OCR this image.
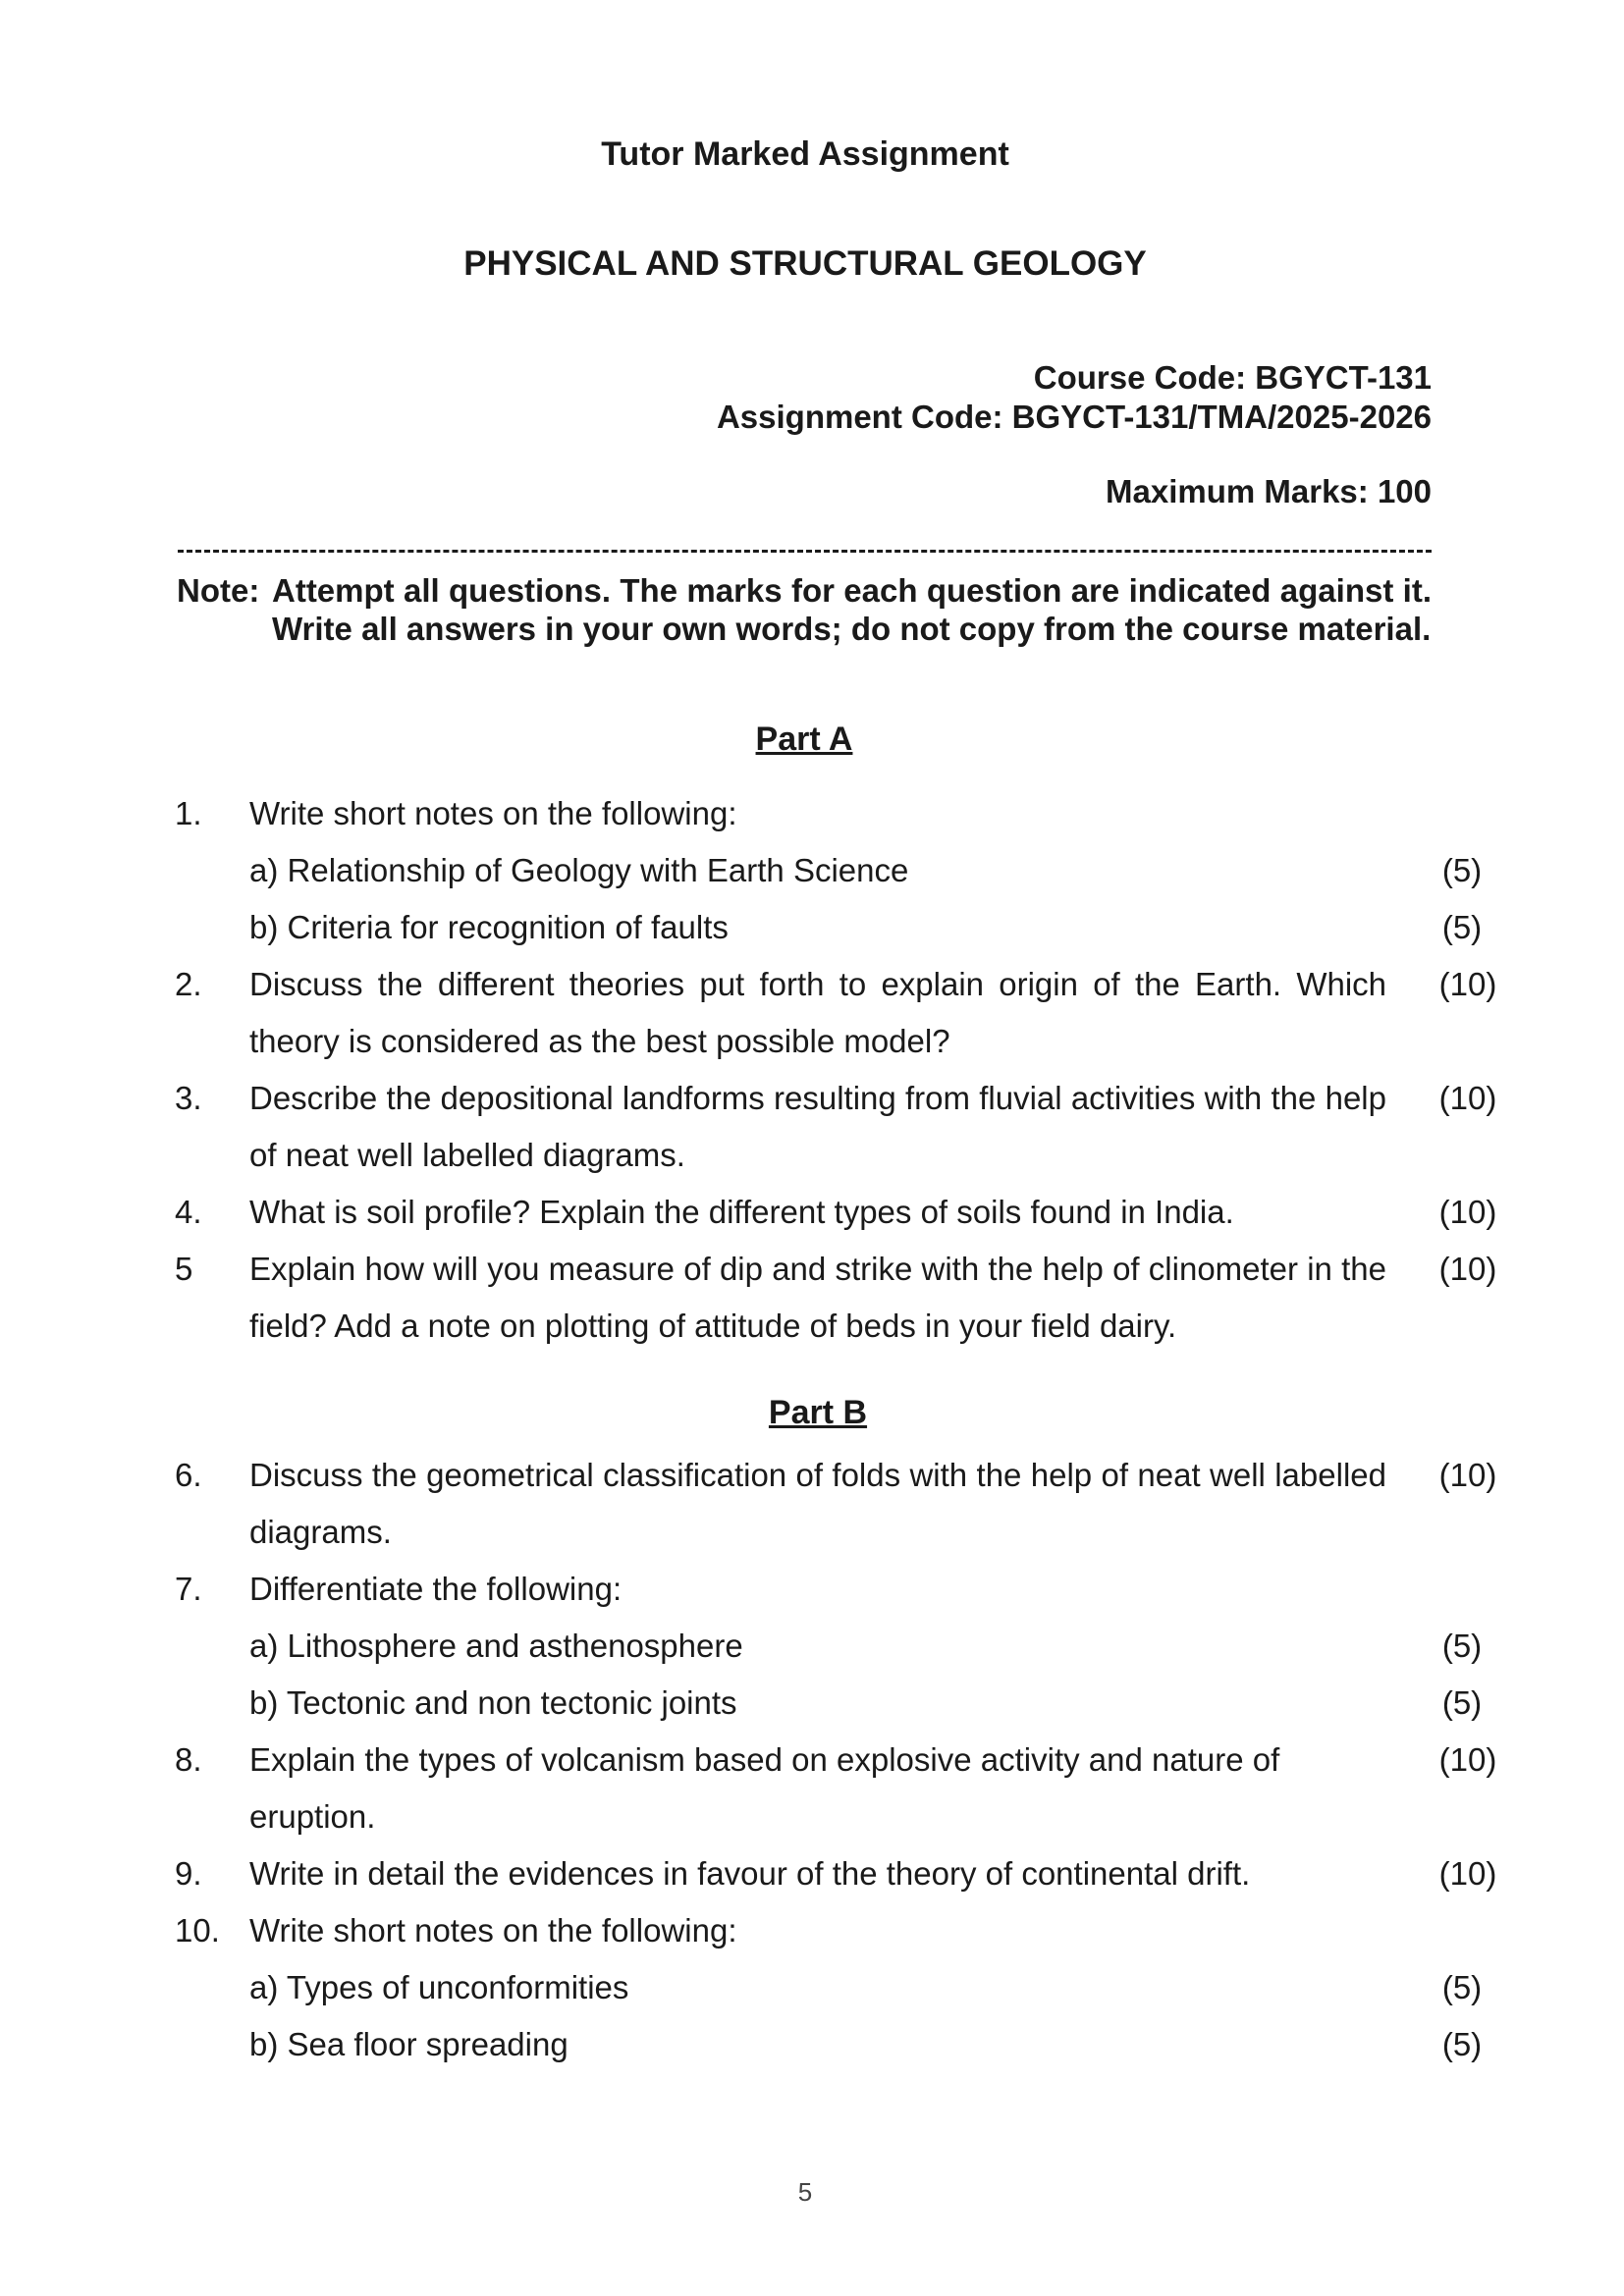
Tutor Marked Assignment
PHYSICAL AND STRUCTURAL GEOLOGY
Course Code: BGYCT-131
Assignment Code: BGYCT-131/TMA/2025-2026
Maximum Marks: 100
Note: Attempt all questions. The marks for each question are indicated against it. Write all answers in your own words; do not copy from the course material.
Part A
1. Write short notes on the following:
a) Relationship of Geology with Earth Science	(5)
b) Criteria for recognition of faults	(5)
2. Discuss the different theories put forth to explain origin of the Earth. Which theory is considered as the best possible model?
(10)
3. Describe the depositional landforms resulting from fluvial activities with the help of neat well labelled diagrams.
(10)
4. What is soil profile? Explain the different types of soils found in India.	(10)
5 Explain how will you measure of dip and strike with the help of clinometer in the field? Add a note on plotting of attitude of beds in your field dairy.
(10)
Part B
6. Discuss the geometrical classification of folds with the help of neat well labelled diagrams.
(10)
7. Differentiate the following:
a) Lithosphere and asthenosphere	(5)
b) Tectonic and non tectonic joints	(5)
8. Explain the types of volcanism based on explosive activity and nature of eruption.
(10)
9. Write in detail the evidences in favour of the theory of continental drift.	(10)
10. Write short notes on the following:
a) Types of unconformities	(5)
b) Sea floor spreading	(5)
5
